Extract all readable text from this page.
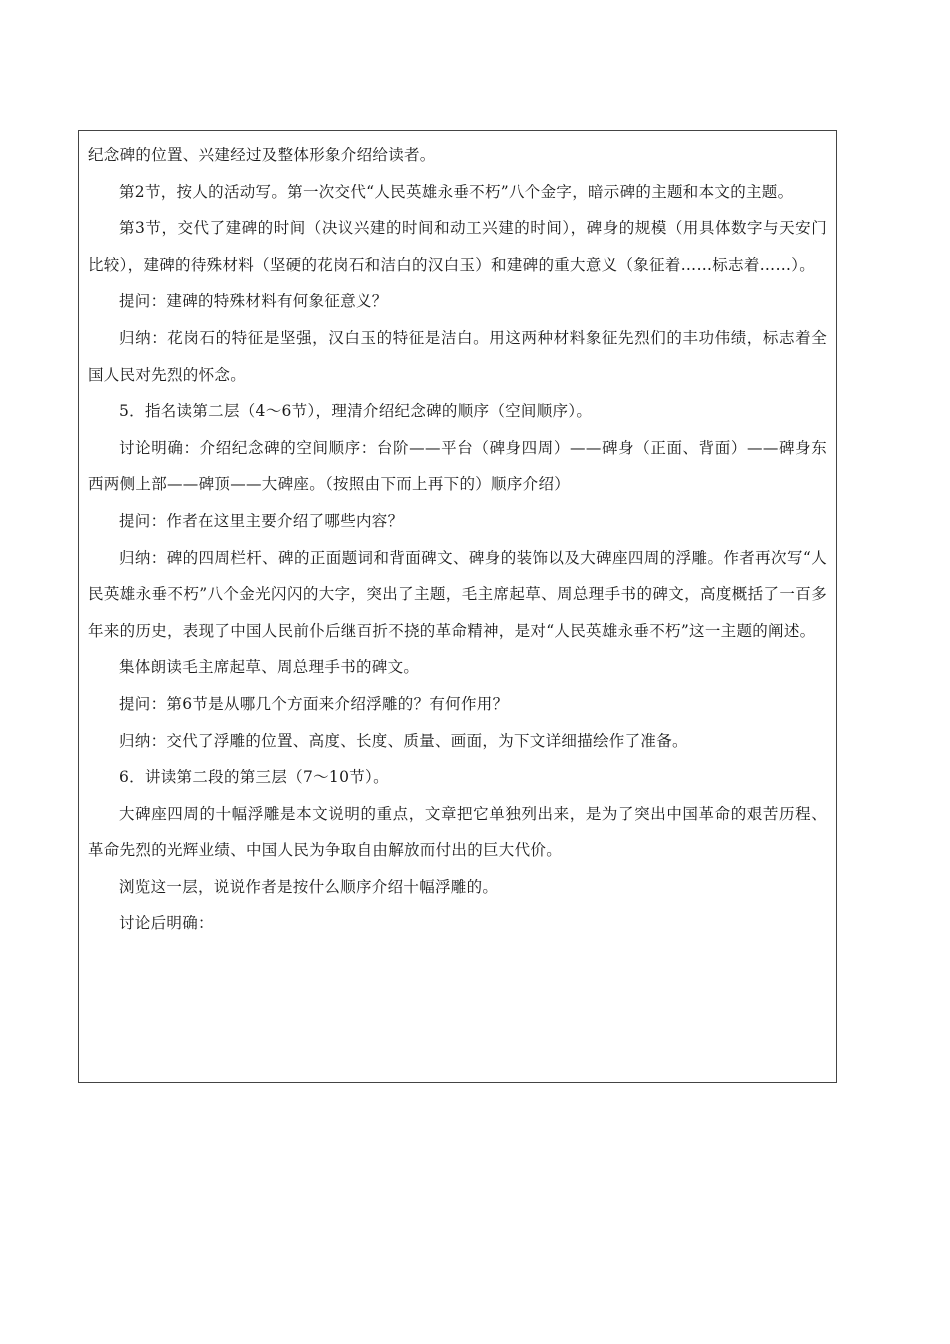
纪念碑的位置、兴建经过及整体形象介绍给读者。

第2节，按人的活动写。第一次交代“人民英雄永垂不朽”八个金字，暗示碑的主题和本文的主题。

第3节，交代了建碑的时间（决议兴建的时间和动工兴建的时间），碑身的规模（用具体数字与天安门比较），建碑的待殊材料（坚硬的花岗石和洁白的汉白玉）和建碑的重大意义（象征着……标志着……）。

提问：建碑的特殊材料有何象征意义？

归纳：花岗石的特征是坚强，汉白玉的特征是洁白。用这两种材料象征先烈们的丰功伟绩，标志着全国人民对先烈的怀念。

5．指名读第二层（4～6节），理清介绍纪念碑的顺序（空间顺序）。

讨论明确：介绍纪念碑的空间顺序：台阶——平台（碑身四周）——碑身（正面、背面）——碑身东西两侧上部——碑顶——大碑座。（按照由下而上再下的）顺序介绍）

提问：作者在这里主要介绍了哪些内容？

归纳：碑的四周栏杆、碑的正面题词和背面碑文、碑身的装饰以及大碑座四周的浮雕。作者再次写“人民英雄永垂不朽”八个金光闪闪的大字，突出了主题，毛主席起草、周总理手书的碑文，高度概括了一百多年来的历史，表现了中国人民前仆后继百折不挠的革命精神，是对“人民英雄永垂不朽”这一主题的阐述。

集体朗读毛主席起草、周总理手书的碑文。

提问：第6节是从哪几个方面来介绍浮雕的？有何作用？

归纳：交代了浮雕的位置、高度、长度、质量、画面，为下文详细描绘作了准备。

6．讲读第二段的第三层（7～10节）。

大碑座四周的十幅浮雕是本文说明的重点，文章把它单独列出来，是为了突出中国革命的艰苦历程、革命先烈的光辉业绩、中国人民为争取自由解放而付出的巨大代价。

浏览这一层，说说作者是按什么顺序介绍十幅浮雕的。

讨论后明确：
